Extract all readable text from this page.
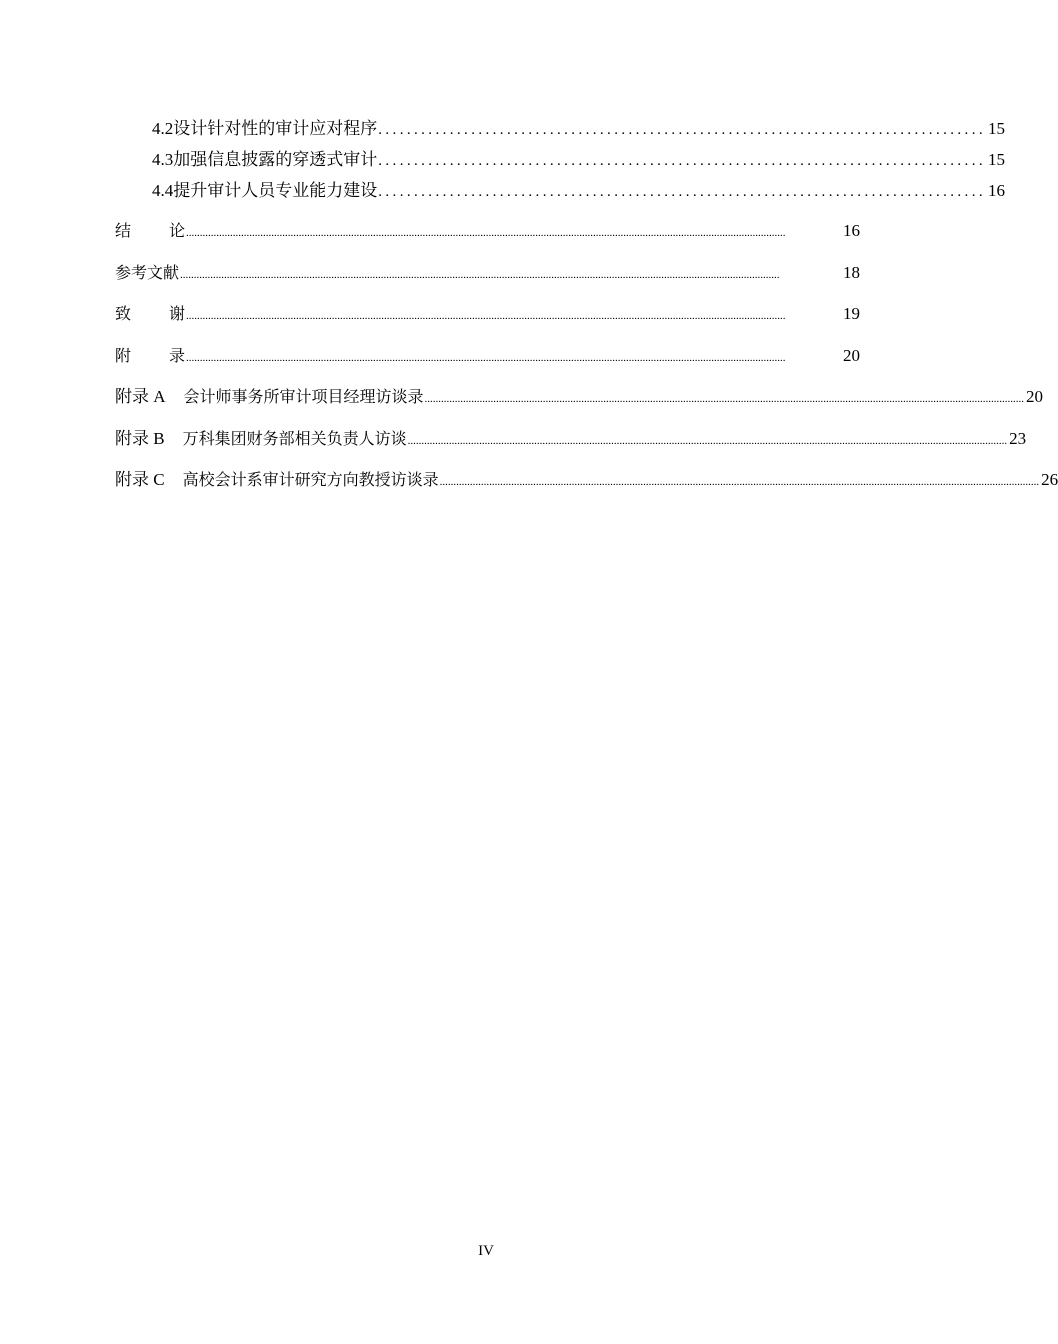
4.2 设计针对性的审计应对程序 ..................................................................................... 15
4.3 加强信息披露的穿透式审计 ..................................................................................... 15
4.4 提升审计人员专业能力建设 ..................................................................................... 16
结论 ..........................................................................................................................................................................................................................	16
参考文献 ..........................................................................................................................................................................................................................	18
致谢 ..........................................................................................................................................................................................................................	19
附录 ..........................................................................................................................................................................................................................	20
附录 A 会计师事务所审计项目经理访谈录 .......................................................................................................................................................................................................................... 20
附录 B 万科集团财务部相关负责人访谈 .......................................................................................................................................................................................................................... 23
附录 C 高校会计系审计研究方向教授访谈录 .......................................................................................................................................................................................................................... 26
IV
